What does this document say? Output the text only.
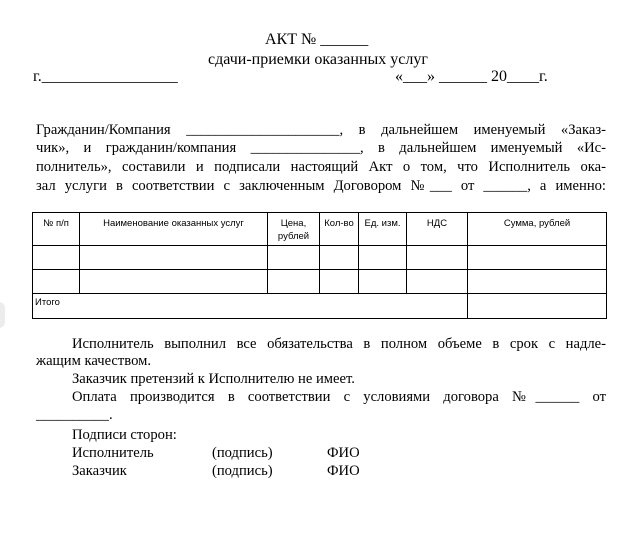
АКТ № ______
сдачи-приемки оказанных услуг
г._________________	«___» ______ 20____г.
Гражданин/Компания _____________________, в дальнейшем именуемый «Заказ-
чик», и гражданин/компания _______________, в дальнейшем именуемый «Ис-
полнитель», составили и подписали настоящий Акт о том, что Исполнитель ока-
зал услуги в соответствии с заключенным Договором №___ от ______, а именно:
№ п/п	Наименование оказанных услуг	Цена, рублей	Кол-во	Ед. изм.	НДС	Сумма, рублей

Итого						
Исполнитель выполнил все обязательства в полном объеме в срок с надле-
жащим качеством.
Заказчик претензий к Исполнителю не имеет.
Оплата производится в соответствии с условиями договора №______ от
__________.
Подписи сторон:
Исполнитель	(подпись)	ФИО
Заказчик	(подпись)	ФИО
